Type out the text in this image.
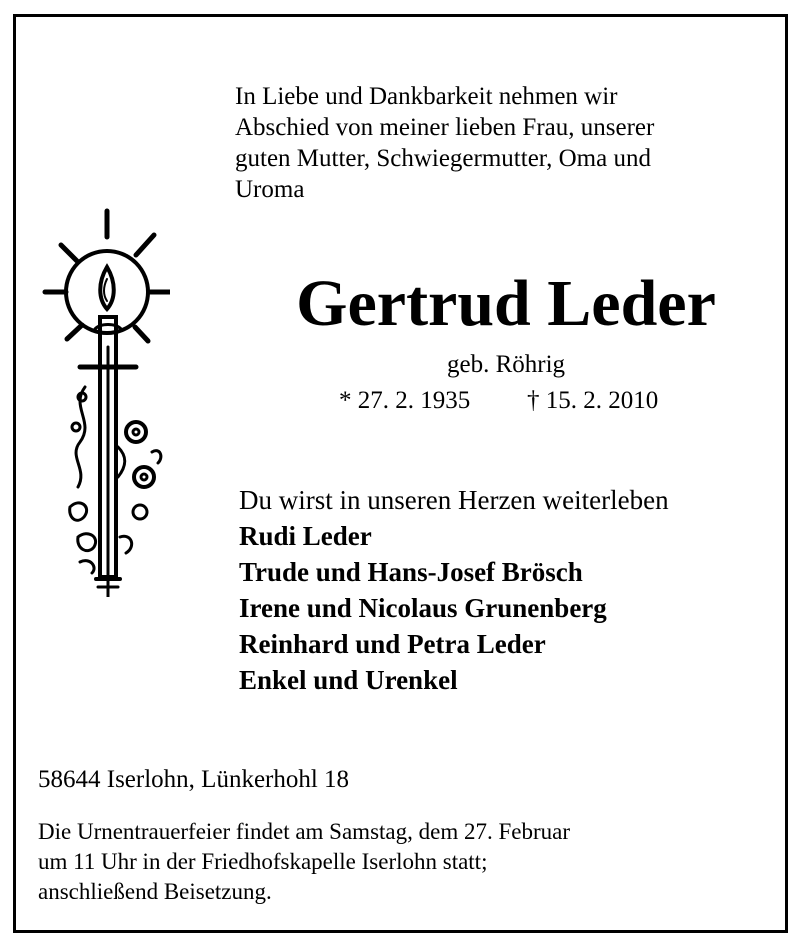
In Liebe und Dankbarkeit nehmen wir
Abschied von meiner lieben Frau, unserer
guten Mutter, Schwiegermutter, Oma und
Uroma
Gertrud Leder
geb. Röhrig
* 27. 2. 1935 † 15. 2. 2010
Du wirst in unseren Herzen weiterleben
Rudi Leder
Trude und Hans-Josef Brösch
Irene und Nicolaus Grunenberg
Reinhard und Petra Leder
Enkel und Urenkel
58644 Iserlohn, Lünkerhohl 18
Die Urnentrauerfeier findet am Samstag, dem 27. Februar
um 11 Uhr in der Friedhofskapelle Iserlohn statt;
anschließend Beisetzung.
